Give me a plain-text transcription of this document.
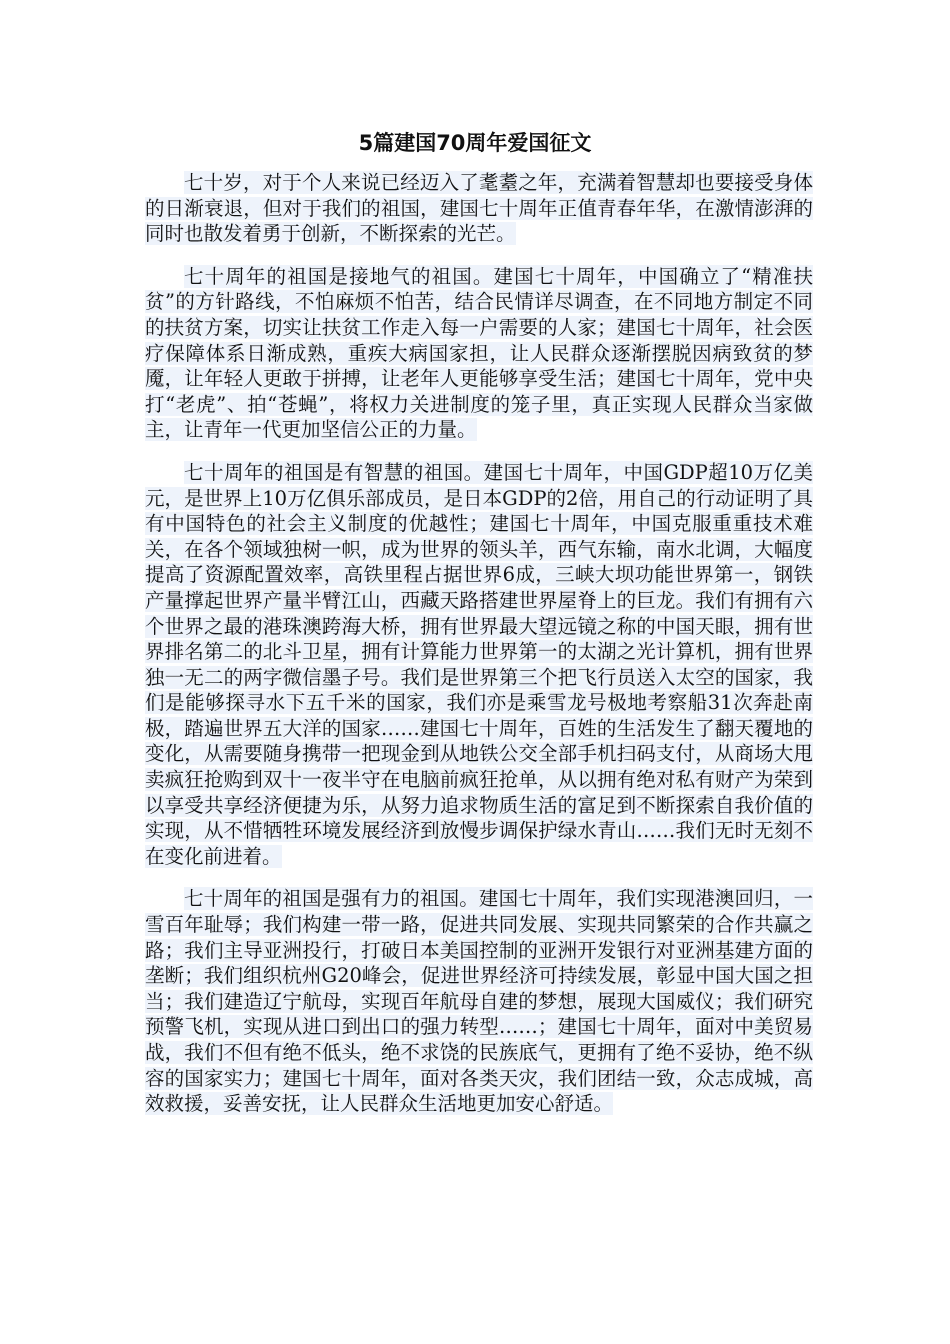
5篇建国70周年爱国征文

七十岁，对于个人来说已经迈入了耄耋之年，充满着智慧却也要接受身体的日渐衰退，但对于我们的祖国，建国七十周年正值青春年华，在激情澎湃的同时也散发着勇于创新，不断探索的光芒。

七十周年的祖国是接地气的祖国。建国七十周年，中国确立了“精准扶贫”的方针路线，不怕麻烦不怕苦，结合民情详尽调查，在不同地方制定不同的扶贫方案，切实让扶贫工作走入每一户需要的人家；建国七十周年，社会医疗保障体系日渐成熟，重疾大病国家担，让人民群众逐渐摆脱因病致贫的梦魇，让年轻人更敢于拼搏，让老年人更能够享受生活；建国七十周年，党中央打“老虎”、拍“苍蝇”，将权力关进制度的笼子里，真正实现人民群众当家做主，让青年一代更加坚信公正的力量。

七十周年的祖国是有智慧的祖国。建国七十周年，中国GDP超10万亿美元，是世界上10万亿俱乐部成员，是日本GDP的2倍，用自己的行动证明了具有中国特色的社会主义制度的优越性；建国七十周年，中国克服重重技术难关，在各个领域独树一帜，成为世界的领头羊，西气东输，南水北调，大幅度提高了资源配置效率，高铁里程占据世界6成，三峡大坝功能世界第一，钢铁产量撑起世界产量半臂江山，西藏天路搭建世界屋脊上的巨龙。我们有拥有六个世界之最的港珠澳跨海大桥，拥有世界最大望远镜之称的中国天眼，拥有世界排名第二的北斗卫星，拥有计算能力世界第一的太湖之光计算机，拥有世界独一无二的两字微信墨子号。我们是世界第三个把飞行员送入太空的国家，我们是能够探寻水下五千米的国家，我们亦是乘雪龙号极地考察船31次奔赴南极，踏遍世界五大洋的国家……建国七十周年，百姓的生活发生了翻天覆地的变化，从需要随身携带一把现金到从地铁公交全部手机扫码支付，从商场大甩卖疯狂抢购到双十一夜半守在电脑前疯狂抢单，从以拥有绝对私有财产为荣到以享受共享经济便捷为乐，从努力追求物质生活的富足到不断探索自我价值的实现，从不惜牺牲环境发展经济到放慢步调保护绿水青山……我们无时无刻不在变化前进着。

七十周年的祖国是强有力的祖国。建国七十周年，我们实现港澳回归，一雪百年耻辱；我们构建一带一路，促进共同发展、实现共同繁荣的合作共赢之路；我们主导亚洲投行，打破日本美国控制的亚洲开发银行对亚洲基建方面的垄断；我们组织杭州G20峰会，促进世界经济可持续发展，彰显中国大国之担当；我们建造辽宁航母，实现百年航母自建的梦想，展现大国威仪；我们研究预警飞机，实现从进口到出口的强力转型……；建国七十周年，面对中美贸易战，我们不但有绝不低头，绝不求饶的民族底气，更拥有了绝不妥协，绝不纵容的国家实力；建国七十周年，面对各类天灾，我们团结一致，众志成城，高效救援，妥善安抚，让人民群众生活地更加安心舒适。
